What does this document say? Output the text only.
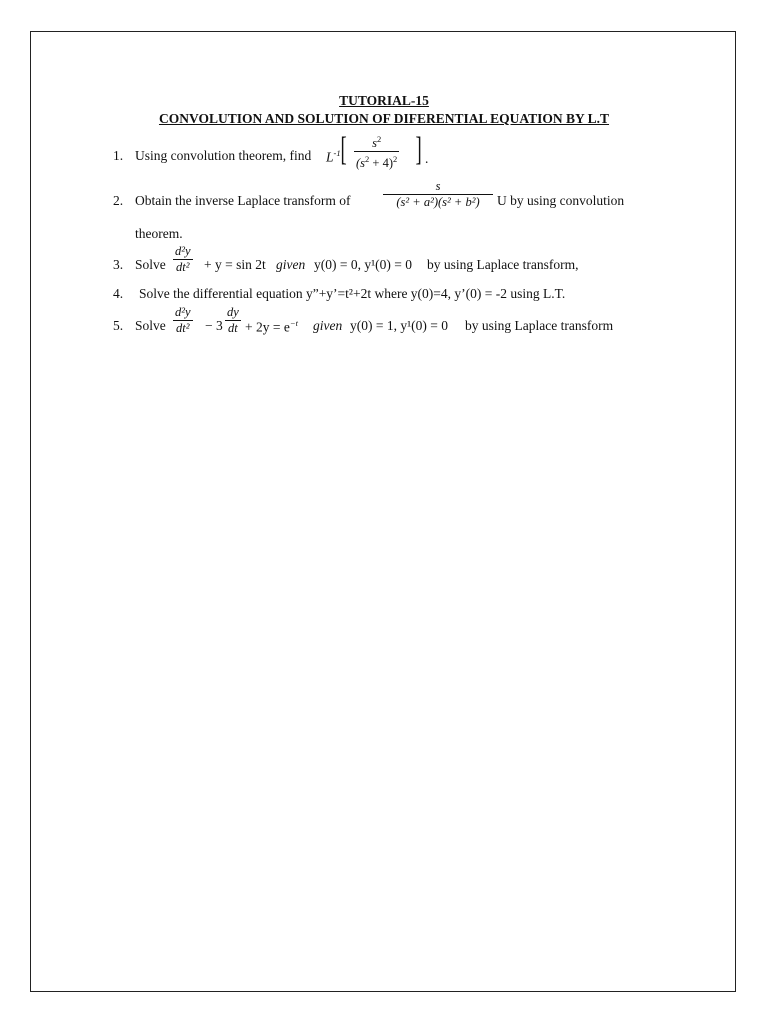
TUTORIAL-15
CONVOLUTION AND SOLUTION OF DIFERENTIAL EQUATION BY L.T
1. Using convolution theorem, find $L^{-1}$ [ $\frac{s^2}{(s^2 + 4)^2}$ ] .
2. Obtain the inverse Laplace transform of	$\frac{s}{\text{(s² + a²)(s² + b²)}}$ U by using convolution
theorem.
3. Solve $\frac{\text{d²y}}{\text{dt²}} + y = \sin 2t$ given y(0) = 0, y¹(0) = 0 by using Laplace transform,
4. Solve the differential equation y”+y’=t²+2t where y(0)=4, y’(0) = -2 using L.T.
5. Solve $\frac{\text{d²y}}{\text{dt²}} - 3 \frac{dy}{dt} + 2y = e^{-t}$ given y(0) = 1, y¹(0) = 0 by using Laplace transform
